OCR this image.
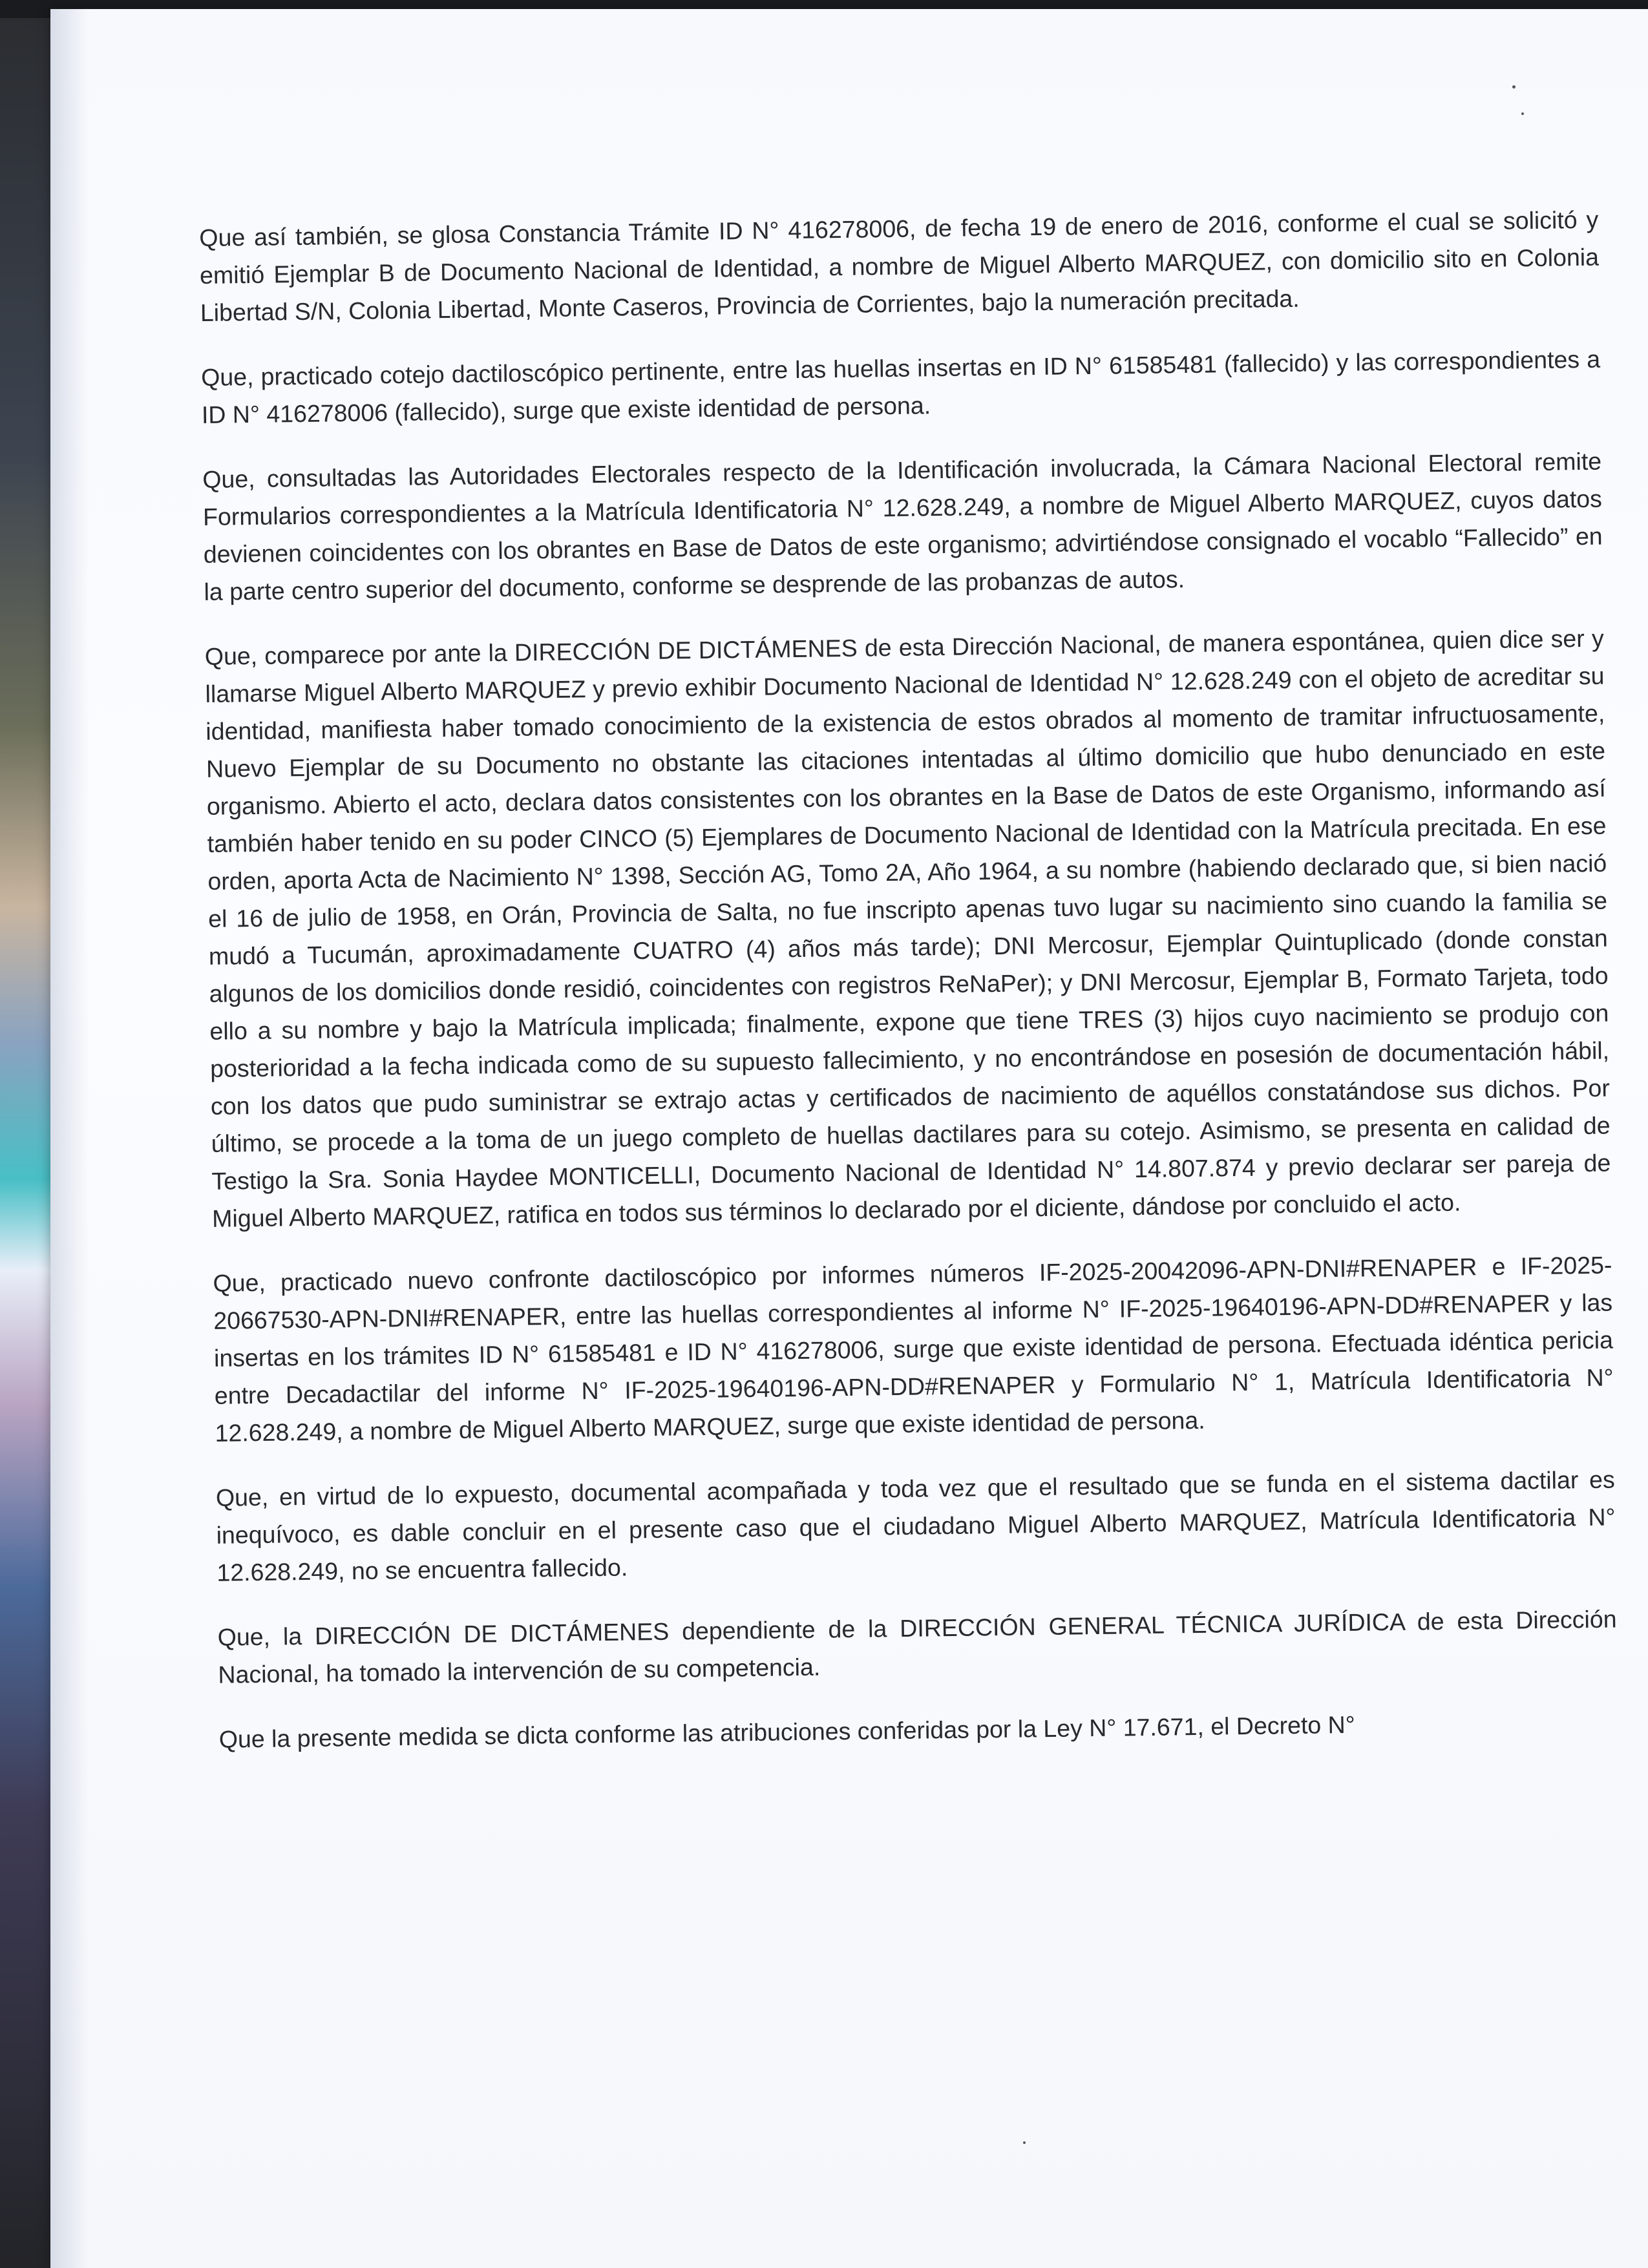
Que así también, se glosa Constancia Trámite ID N° 416278006, de fecha 19 de enero de 2016, conforme el cual se solicitó y emitió Ejemplar B de Documento Nacional de Identidad, a nombre de Miguel Alberto MARQUEZ, con domicilio sito en Colonia Libertad S/N, Colonia Libertad, Monte Caseros, Provincia de Corrientes, bajo la numeración precitada.

Que, practicado cotejo dactiloscópico pertinente, entre las huellas insertas en ID N° 61585481 (fallecido) y las correspondientes a ID N° 416278006 (fallecido), surge que existe identidad de persona.

Que, consultadas las Autoridades Electorales respecto de la Identificación involucrada, la Cámara Nacional Electoral remite Formularios correspondientes a la Matrícula Identificatoria N° 12.628.249, a nombre de Miguel Alberto MARQUEZ, cuyos datos devienen coincidentes con los obrantes en Base de Datos de este organismo; advirtiéndose consignado el vocablo “Fallecido” en la parte centro superior del documento, conforme se desprende de las probanzas de autos.

Que, comparece por ante la DIRECCIÓN DE DICTÁMENES de esta Dirección Nacional, de manera espontánea, quien dice ser y llamarse Miguel Alberto MARQUEZ y previo exhibir Documento Nacional de Identidad N° 12.628.249 con el objeto de acreditar su identidad, manifiesta haber tomado conocimiento de la existencia de estos obrados al momento de tramitar infructuosamente, Nuevo Ejemplar de su Documento no obstante las citaciones intentadas al último domicilio que hubo denunciado en este organismo. Abierto el acto, declara datos consistentes con los obrantes en la Base de Datos de este Organismo, informando así también haber tenido en su poder CINCO (5) Ejemplares de Documento Nacional de Identidad con la Matrícula precitada. En ese orden, aporta Acta de Nacimiento N° 1398, Sección AG, Tomo 2A, Año 1964, a su nombre (habiendo declarado que, si bien nació el 16 de julio de 1958, en Orán, Provincia de Salta, no fue inscripto apenas tuvo lugar su nacimiento sino cuando la familia se mudó a Tucumán, aproximadamente CUATRO (4) años más tarde); DNI Mercosur, Ejemplar Quintuplicado (donde constan algunos de los domicilios donde residió, coincidentes con registros ReNaPer); y DNI Mercosur, Ejemplar B, Formato Tarjeta, todo ello a su nombre y bajo la Matrícula implicada; finalmente, expone que tiene TRES (3) hijos cuyo nacimiento se produjo con posterioridad a la fecha indicada como de su supuesto fallecimiento, y no encontrándose en posesión de documentación hábil, con los datos que pudo suministrar se extrajo actas y certificados de nacimiento de aquéllos constatándose sus dichos. Por último, se procede a la toma de un juego completo de huellas dactilares para su cotejo. Asimismo, se presenta en calidad de Testigo la Sra. Sonia Haydee MONTICELLI, Documento Nacional de Identidad N° 14.807.874 y previo declarar ser pareja de Miguel Alberto MARQUEZ, ratifica en todos sus términos lo declarado por el diciente, dándose por concluido el acto.

Que, practicado nuevo confronte dactiloscópico por informes números IF-2025-20042096-APN-DNI#RENAPER e IF-2025-20667530-APN-DNI#RENAPER, entre las huellas correspondientes al informe N° IF-2025-19640196-APN-DD#RENAPER y las insertas en los trámites ID N° 61585481 e ID N° 416278006, surge que existe identidad de persona. Efectuada idéntica pericia entre Decadactilar del informe N° IF-2025-19640196-APN-DD#RENAPER y Formulario N° 1, Matrícula Identificatoria N° 12.628.249, a nombre de Miguel Alberto MARQUEZ, surge que existe identidad de persona.

Que, en virtud de lo expuesto, documental acompañada y toda vez que el resultado que se funda en el sistema dactilar es inequívoco, es dable concluir en el presente caso que el ciudadano Miguel Alberto MARQUEZ, Matrícula Identificatoria N° 12.628.249, no se encuentra fallecido.

Que, la DIRECCIÓN DE DICTÁMENES dependiente de la DIRECCIÓN GENERAL TÉCNICA JURÍDICA de esta Dirección Nacional, ha tomado la intervención de su competencia.

Que la presente medida se dicta conforme las atribuciones conferidas por la Ley N° 17.671, el Decreto N°
